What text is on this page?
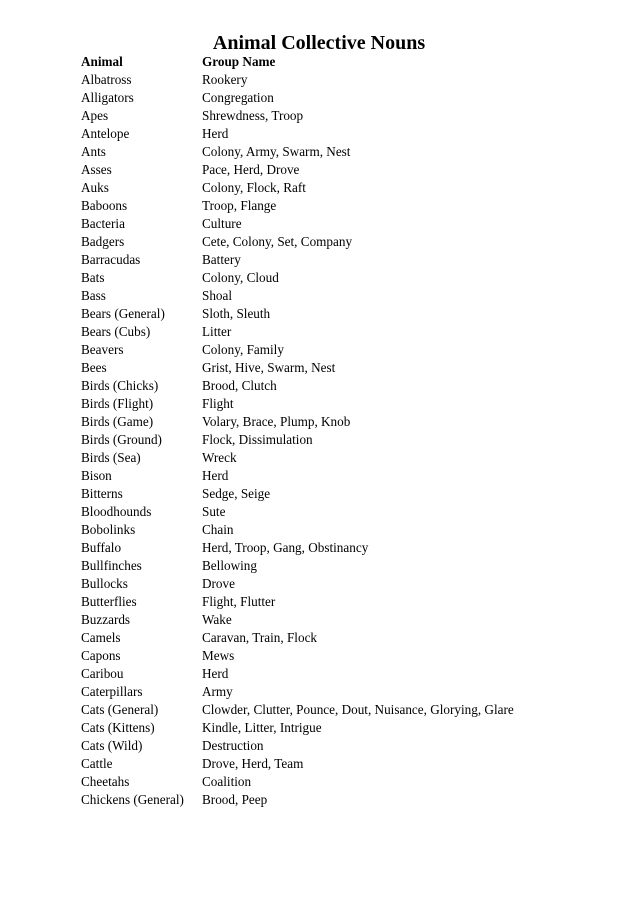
Animal Collective Nouns
Animal	Group Name
Albatross	Rookery
Alligators	Congregation
Apes	Shrewdness, Troop
Antelope	Herd
Ants	Colony, Army, Swarm, Nest
Asses	Pace, Herd, Drove
Auks	Colony, Flock, Raft
Baboons	Troop, Flange
Bacteria	Culture
Badgers	Cete, Colony, Set, Company
Barracudas	Battery
Bats	Colony, Cloud
Bass	Shoal
Bears (General)	Sloth, Sleuth
Bears (Cubs)	Litter
Beavers	Colony, Family
Bees	Grist, Hive, Swarm, Nest
Birds (Chicks)	Brood, Clutch
Birds (Flight)	Flight
Birds (Game)	Volary, Brace, Plump, Knob
Birds (Ground)	Flock, Dissimulation
Birds (Sea)	Wreck
Bison	Herd
Bitterns	Sedge, Seige
Bloodhounds	Sute
Bobolinks	Chain
Buffalo	Herd, Troop, Gang, Obstinancy
Bullfinches	Bellowing
Bullocks	Drove
Butterflies	Flight, Flutter
Buzzards	Wake
Camels	Caravan, Train, Flock
Capons	Mews
Caribou	Herd
Caterpillars	Army
Cats (General)	Clowder, Clutter, Pounce, Dout, Nuisance, Glorying, Glare
Cats (Kittens)	Kindle, Litter, Intrigue
Cats (Wild)	Destruction
Cattle	Drove, Herd, Team
Cheetahs	Coalition
Chickens (General)	Brood, Peep
